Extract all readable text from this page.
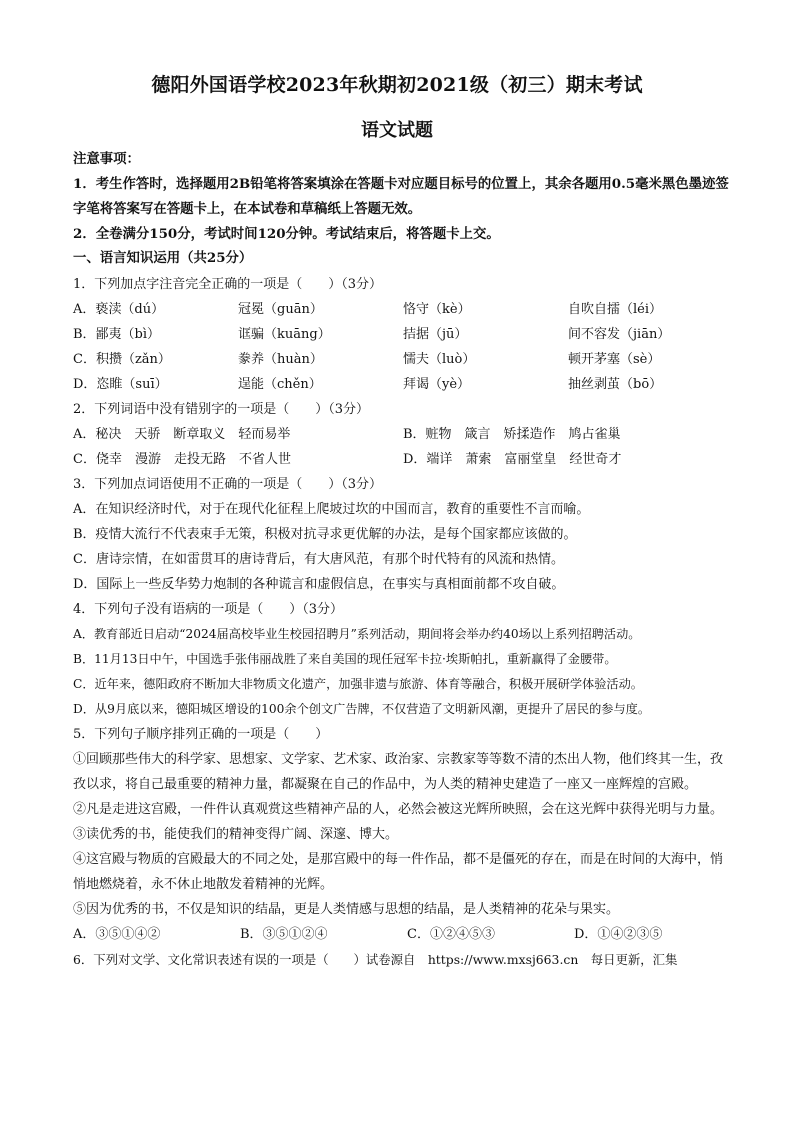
德阳外国语学校2023年秋期初2021级（初三）期末考试
语文试题

注意事项：

1．考生作答时，选择题用2B铅笔将答案填涂在答题卡对应题目标号的位置上，其余各题用0.5毫米黑色墨迹签字笔将答案写在答题卡上，在本试卷和草稿纸上答题无效。

2．全卷满分150分，考试时间120分钟。考试结束后，将答题卡上交。

一、语言知识运用（共25分）

1．下列加点字注音完全正确的一项是（　　）（3分）

A．亵渎（dú）	冠冕（guān）	恪守（kè）	自吹自擂（léi）
B．鄙夷（bì）	诓骗（kuāng）	拮据（jū）	间不容发（jiān）
C．积攒（zǎn）	豢养（huàn）	懦夫（luò）	顿开茅塞（sè）
D．恣睢（suī）	逞能（chěn）	拜谒（yè）	抽丝剥茧（bō）

2．下列词语中没有错别字的一项是（　　）（3分）

A．秘决　天骄　断章取义　轻而易举	B．赃物　箴言　矫揉造作　鸠占雀巢
C．侥幸　漫游　走投无路　不省人世	D．端详　萧索　富丽堂皇　经世奇才

3．下列加点词语使用不正确的一项是（　　）（3分）

A．在知识经济时代，对于在现代化征程上爬坡过坎的中国而言，教育的重要性不言而喻。

B．疫情大流行不代表束手无策，积极对抗寻求更优解的办法，是每个国家都应该做的。

C．唐诗宗情，在如雷贯耳的唐诗背后，有大唐风范，有那个时代特有的风流和热情。

D．国际上一些反华势力炮制的各种谎言和虚假信息，在事实与真相面前都不攻自破。

4．下列句子没有语病的一项是（　　）（3分）

A．教育部近日启动“2024届高校毕业生校园招聘月”系列活动，期间将会举办约40场以上系列招聘活动。

B．11月13日中午，中国选手张伟丽战胜了来自美国的现任冠军卡拉·埃斯帕扎，重新赢得了金腰带。

C．近年来，德阳政府不断加大非物质文化遗产，加强非遗与旅游、体育等融合，积极开展研学体验活动。

D．从9月底以来，德阳城区增设的100余个创文广告牌，不仅营造了文明新风潮，更提升了居民的参与度。

5．下列句子顺序排列正确的一项是（　　）

①回顾那些伟大的科学家、思想家、文学家、艺术家、政治家、宗教家等等数不清的杰出人物，他们终其一生，孜孜以求，将自己最重要的精神力量，都凝聚在自己的作品中，为人类的精神史建造了一座又一座辉煌的宫殿。

②凡是走进这宫殿，一件件认真观赏这些精神产品的人，必然会被这光辉所映照，会在这光辉中获得光明与力量。

③读优秀的书，能使我们的精神变得广阔、深邃、博大。

④这宫殿与物质的宫殿最大的不同之处，是那宫殿中的每一件作品，都不是僵死的存在，而是在时间的大海中，悄悄地燃烧着，永不休止地散发着精神的光辉。

⑤因为优秀的书，不仅是知识的结晶，更是人类情感与思想的结晶，是人类精神的花朵与果实。

A．③⑤①④②	B．③⑤①②④	C．①②④⑤③	D．①④②③⑤

6．下列对文学、文化常识表述有误的一项是（　　）试卷源自　https://www.mxsj663.cn　每日更新，汇集
